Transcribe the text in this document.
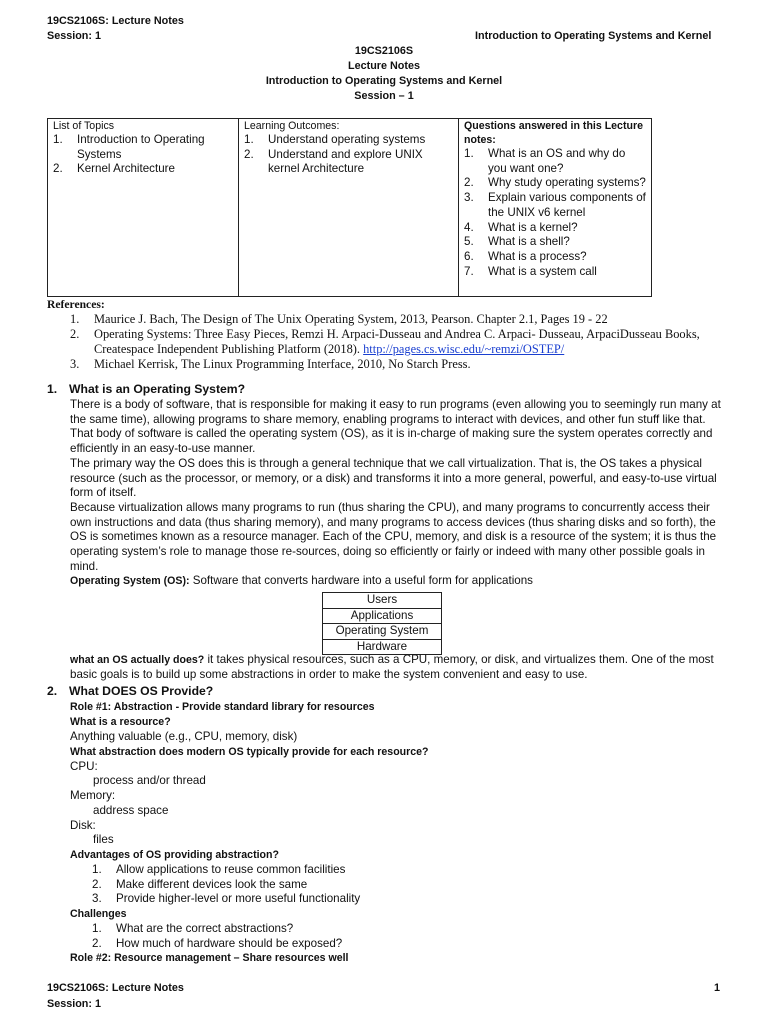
19CS2106S: Lecture Notes
Session: 1	Introduction to Operating Systems and Kernel
19CS2106S
Lecture Notes
Introduction to Operating Systems and Kernel
Session – 1
List of Topics
1. Introduction to Operating Systems
2. Kernel Architecture

Learning Outcomes:
1. Understand operating systems
2. Understand and explore UNIX kernel Architecture

Questions answered in this Lecture notes:
1. What is an OS and why do you want one?
2. Why study operating systems?
3. Explain various components of the UNIX v6 kernel
4. What is a kernel?
5. What is a shell?
6. What is a process?
7. What is a system call
References:
1. Maurice J. Bach, The Design of The Unix Operating System, 2013, Pearson. Chapter 2.1, Pages 19 - 22
2. Operating Systems: Three Easy Pieces, Remzi H. Arpaci-Dusseau and Andrea C. Arpaci- Dusseau, ArpaciDusseau Books, Createspace Independent Publishing Platform (2018). http://pages.cs.wisc.edu/~remzi/OSTEP/
3. Michael Kerrisk, The Linux Programming Interface, 2010, No Starch Press.
1. What is an Operating System?

There is a body of software, that is responsible for making it easy to run programs (even allowing you to seemingly run many at the same time), allowing programs to share memory, enabling programs to interact with devices, and other fun stuff like that. That body of software is called the operating system (OS), as it is in-charge of making sure the system operates correctly and efficiently in an easy-to-use manner.

The primary way the OS does this is through a general technique that we call virtualization. That is, the OS takes a physical resource (such as the processor, or memory, or a disk) and transforms it into a more general, powerful, and easy-to-use virtual form of itself.

Because virtualization allows many programs to run (thus sharing the CPU), and many programs to concurrently access their own instructions and data (thus sharing memory), and many programs to access devices (thus sharing disks and so forth), the OS is sometimes known as a resource manager. Each of the CPU, memory, and disk is a resource of the system; it is thus the operating system’s role to manage those re-sources, doing so efficiently or fairly or indeed with many other possible goals in mind.

Operating System (OS): Software that converts hardware into a useful form for applications

Users
Applications
Operating System
Hardware

what an OS actually does? it takes physical resources, such as a CPU, memory, or disk, and virtualizes them. One of the most basic goals is to build up some abstractions in order to make the system convenient and easy to use.

2. What DOES OS Provide?

Role #1: Abstraction - Provide standard library for resources

What is a resource?

Anything valuable (e.g., CPU, memory, disk)

What abstraction does modern OS typically provide for each resource?

CPU:

process and/or thread

Memory:

address space

Disk:

files

Advantages of OS providing abstraction?

1. Allow applications to reuse common facilities
2. Make different devices look the same
3. Provide higher-level or more useful functionality

Challenges

1. What are the correct abstractions?
2. How much of hardware should be exposed?

Role #2: Resource management – Share resources well

19CS2106S: Lecture Notes
Session: 1
1
